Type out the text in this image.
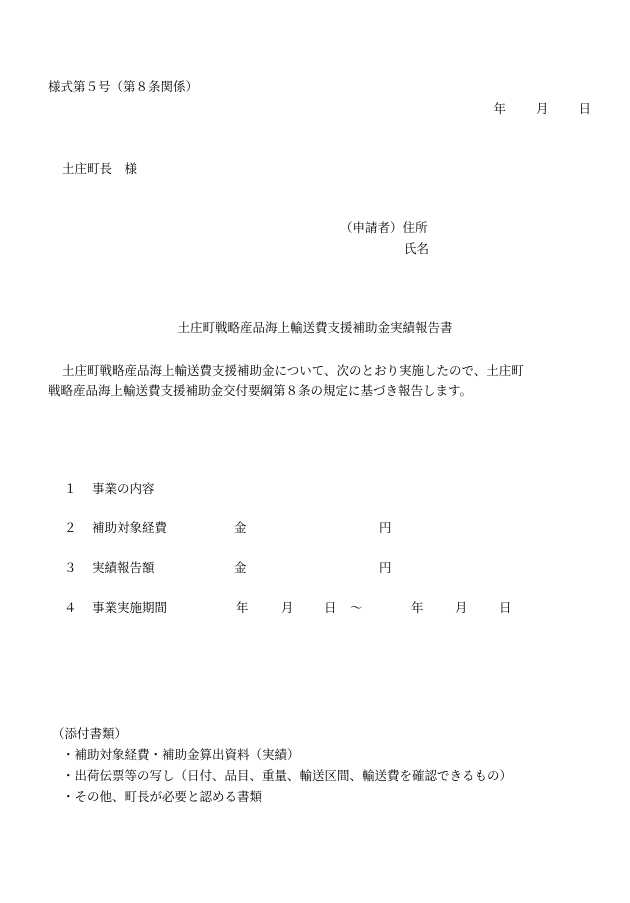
様式第５号（第８条関係）
年 月 日
土庄町長　様
（申請者）住所
氏名
土庄町戦略産品海上輸送費支援補助金実績報告書
土庄町戦略産品海上輸送費支援補助金について、次のとおり実施したので、土庄町
戦略産品海上輸送費支援補助金交付要綱第８条の規定に基づき報告します。
１ 事業の内容
２ 補助対象経費	金	円
３ 実績報告額	金	円
４ 事業実施期間	年	月 日 ～	年	月	日
（添付書類）
・補助対象経費・補助金算出資料（実績）
・出荷伝票等の写し（日付、品目、重量、輸送区間、輸送費を確認できるもの）
・その他、町長が必要と認める書類
